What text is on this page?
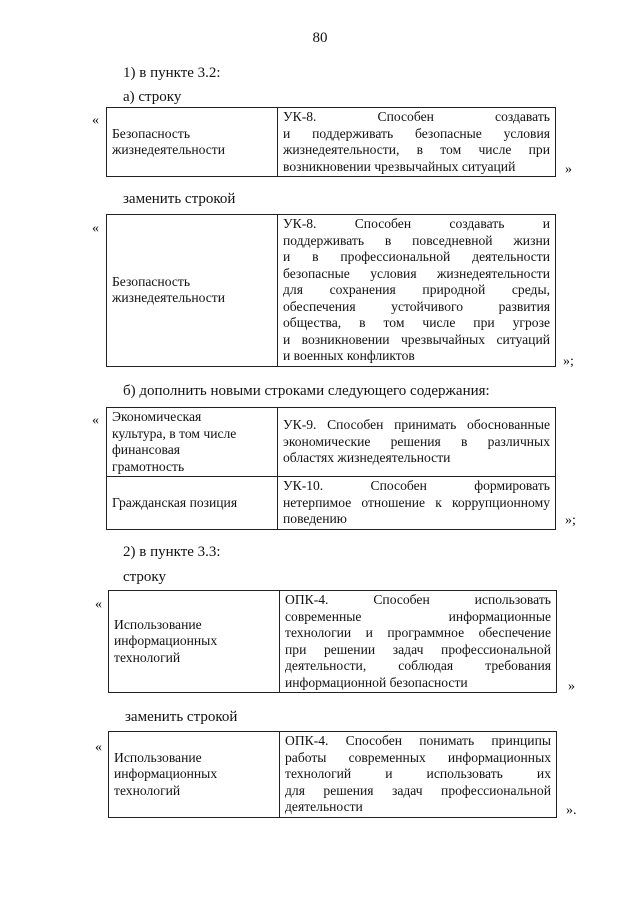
80
1) в пункте 3.2:
а) строку
«
Безопасность
жизнедеятельности

УК-8. Способен создавать
и поддерживать безопасные условия
жизнедеятельности, в том числе при
возникновении чрезвычайных ситуаций	»
заменить строкой
«
Безопасность
жизнедеятельности

УК-8. Способен создавать и
поддерживать в повседневной жизни
и в профессиональной деятельности
безопасные условия жизнедеятельности
для сохранения природной среды,
обеспечения устойчивого развития
общества, в том числе при угрозе
и возникновении чрезвычайных ситуаций
и военных конфликтов	»;
б) дополнить новыми строками следующего содержания:
« Экономическая
культура, в том числе
финансовая
грамотность	УК-9. Способен принимать обоснованные
экономические решения в различных
областях жизнедеятельности

Гражданская позиция	УК-10. Способен формировать
нетерпимое отношение к коррупционному
поведению	»;
2) в пункте 3.3:
строку
«
Использование
информационных
технологий

ОПК-4. Способен использовать
современные информационные
технологии и программное обеспечение
при решении задач профессиональной
деятельности, соблюдая требования
информационной безопасности	»
заменить строкой
«
Использование
информационных
технологий

ОПК-4. Способен понимать принципы
работы современных информационных
технологий и использовать их
для решения задач профессиональной
деятельности	».
